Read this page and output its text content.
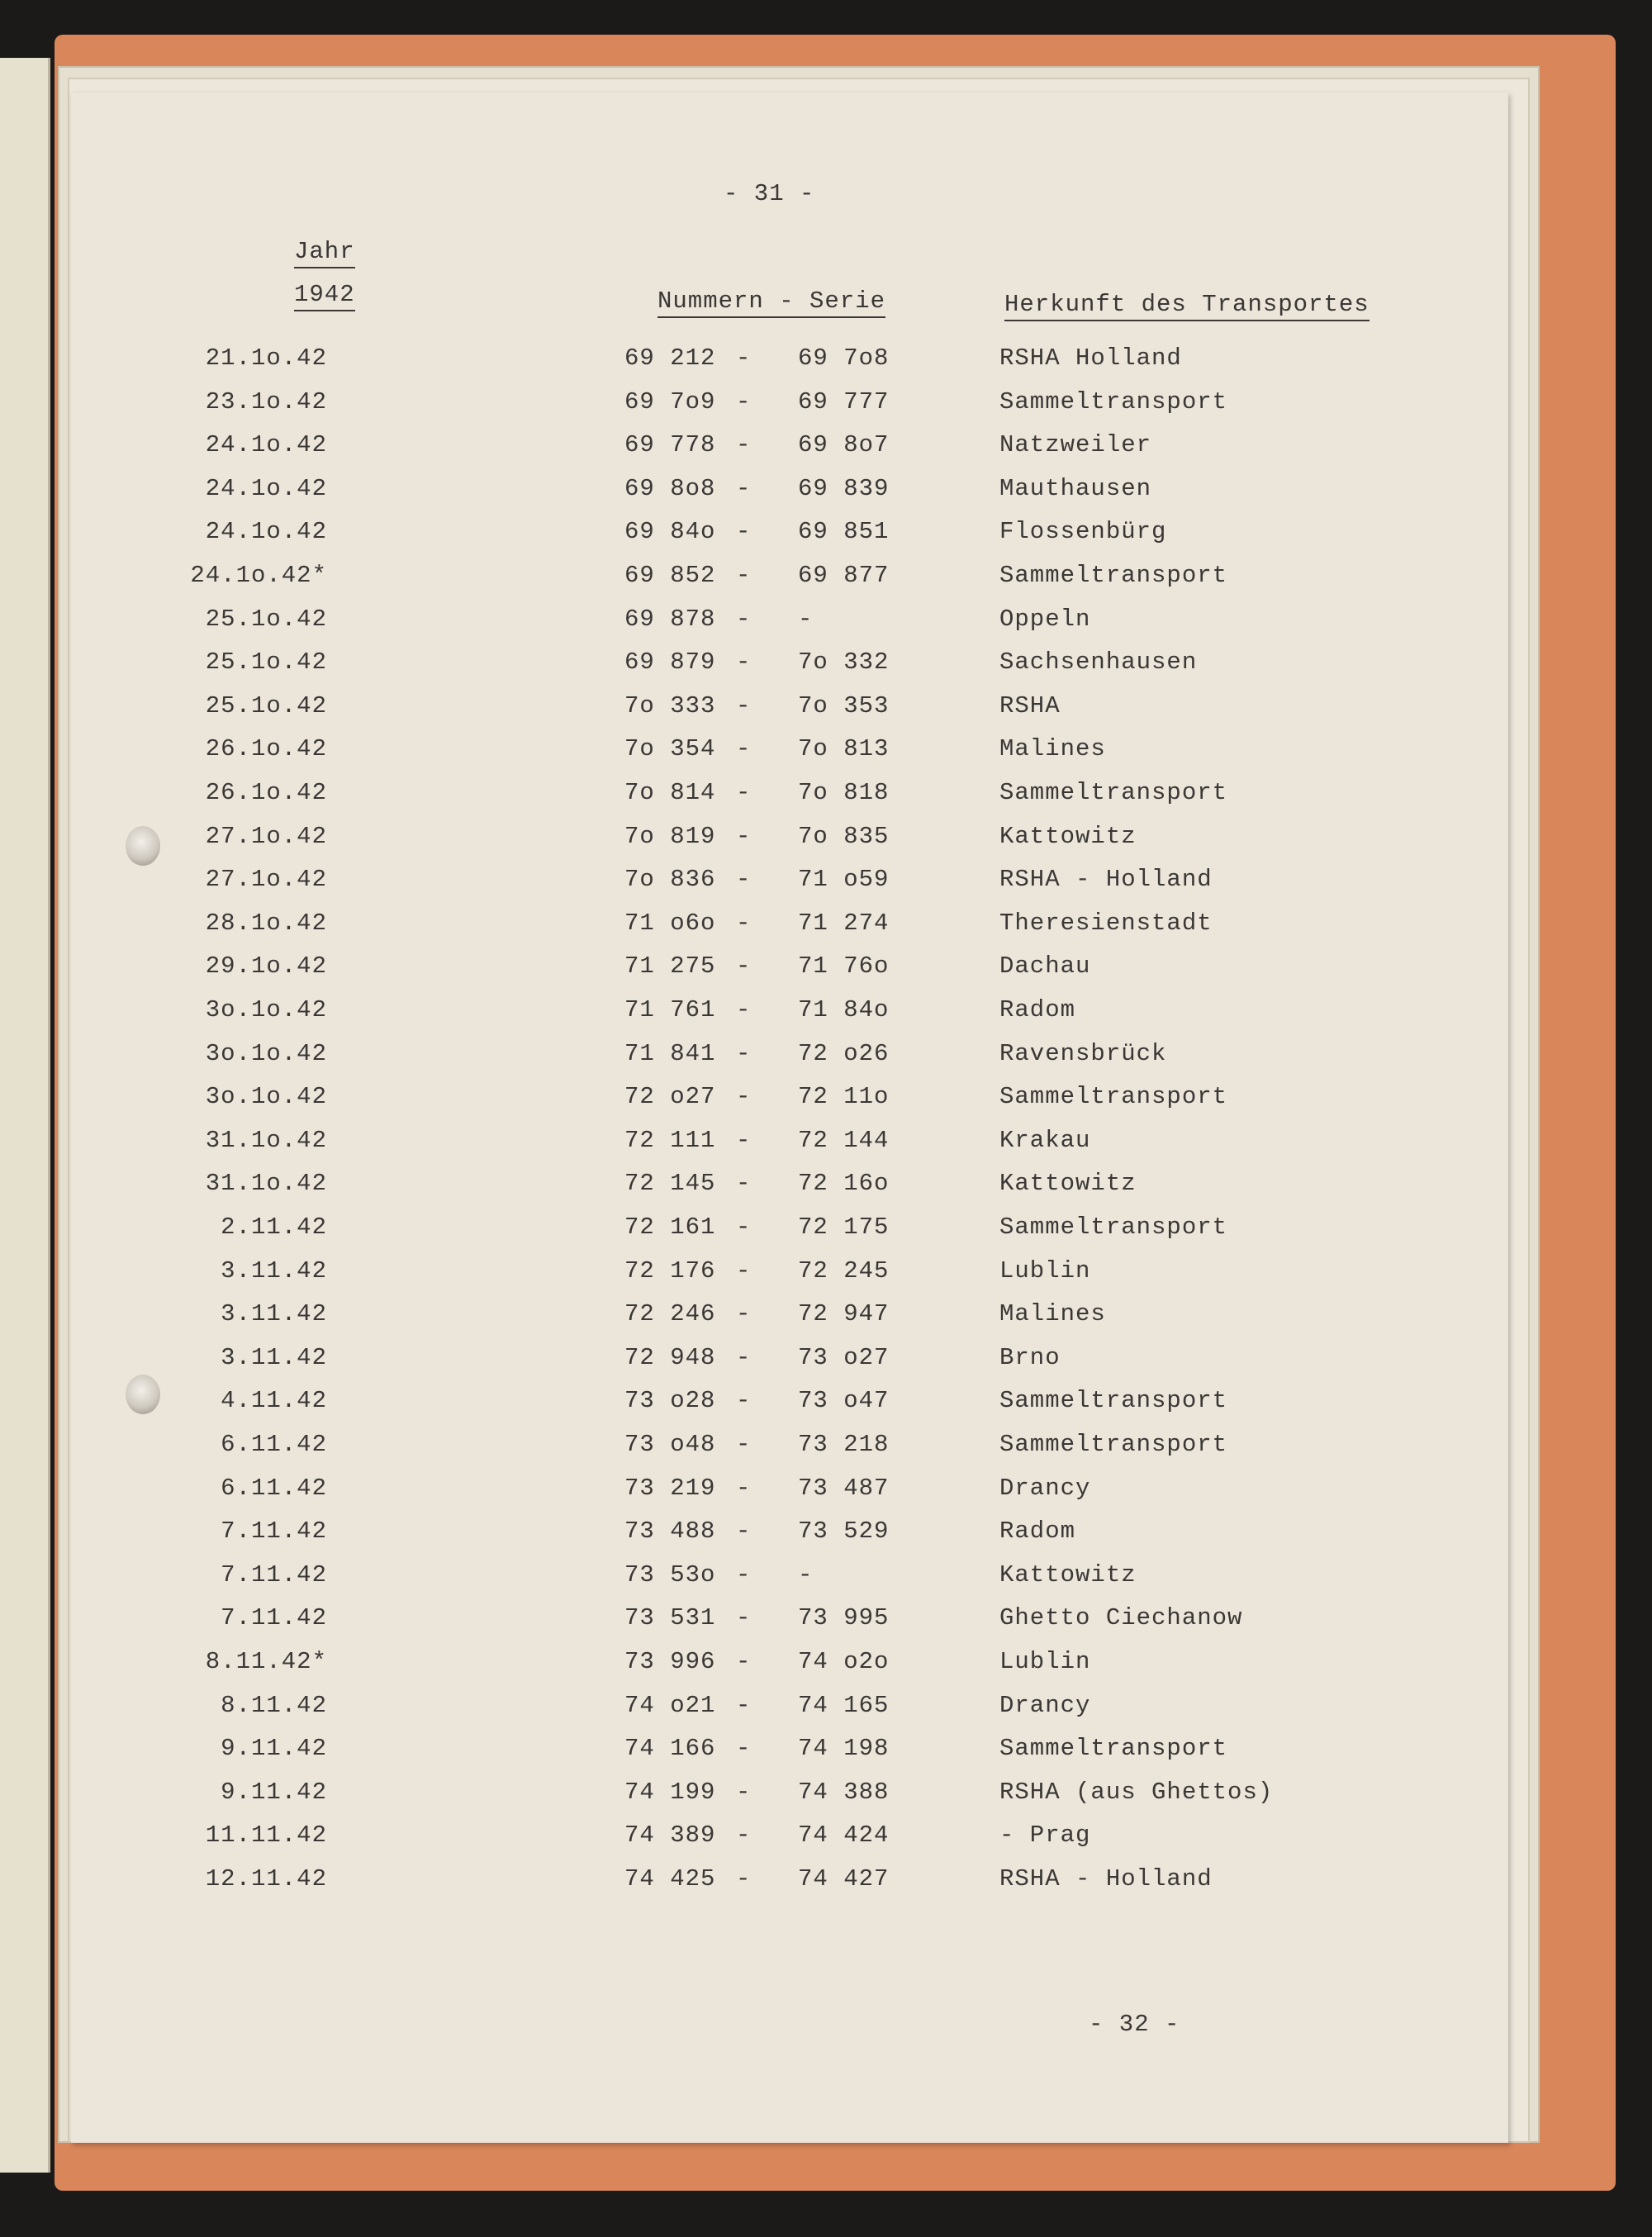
- 31 -
Jahr
1942	Nummern - Serie	Herkunft des Transportes
21.1o.42	69 212 - 69 7o8	RSHA Holland
23.1o.42	69 7o9 - 69 777	Sammeltransport
24.1o.42	69 778 - 69 8o7	Natzweiler
24.1o.42	69 8o8 - 69 839	Mauthausen
24.1o.42	69 84o - 69 851	Flossenbürg
24.1o.42*	69 852 - 69 877	Sammeltransport
25.1o.42	69 878 - -	Oppeln
25.1o.42	69 879 - 7o 332	Sachsenhausen
25.1o.42	7o 333 - 7o 353	RSHA
26.1o.42	7o 354 - 7o 813	Malines
26.1o.42	7o 814 - 7o 818	Sammeltransport
27.1o.42	7o 819 - 7o 835	Kattowitz
27.1o.42	7o 836 - 71 o59	RSHA - Holland
28.1o.42	71 o6o - 71 274	Theresienstadt
29.1o.42	71 275 - 71 76o	Dachau
3o.1o.42	71 761 - 71 84o	Radom
3o.1o.42	71 841 - 72 o26	Ravensbrück
3o.1o.42	72 o27 - 72 11o	Sammeltransport
31.1o.42	72 111 - 72 144	Krakau
31.1o.42	72 145 - 72 16o	Kattowitz
2.11.42	72 161 - 72 175	Sammeltransport
3.11.42	72 176 - 72 245	Lublin
3.11.42	72 246 - 72 947	Malines
3.11.42	72 948 - 73 o27	Brno
4.11.42	73 o28 - 73 o47	Sammeltransport
6.11.42	73 o48 - 73 218	Sammeltransport
6.11.42	73 219 - 73 487	Drancy
7.11.42	73 488 - 73 529	Radom
7.11.42	73 53o - -	Kattowitz
7.11.42	73 531 - 73 995	Ghetto Ciechanow
8.11.42*	73 996 - 74 o2o	Lublin
8.11.42	74 o21 - 74 165	Drancy
9.11.42	74 166 - 74 198	Sammeltransport
9.11.42	74 199 - 74 388	RSHA (aus Ghettos)
11.11.42	74 389 - 74 424	- Prag
12.11.42	74 425 - 74 427	RSHA - Holland
- 32 -
